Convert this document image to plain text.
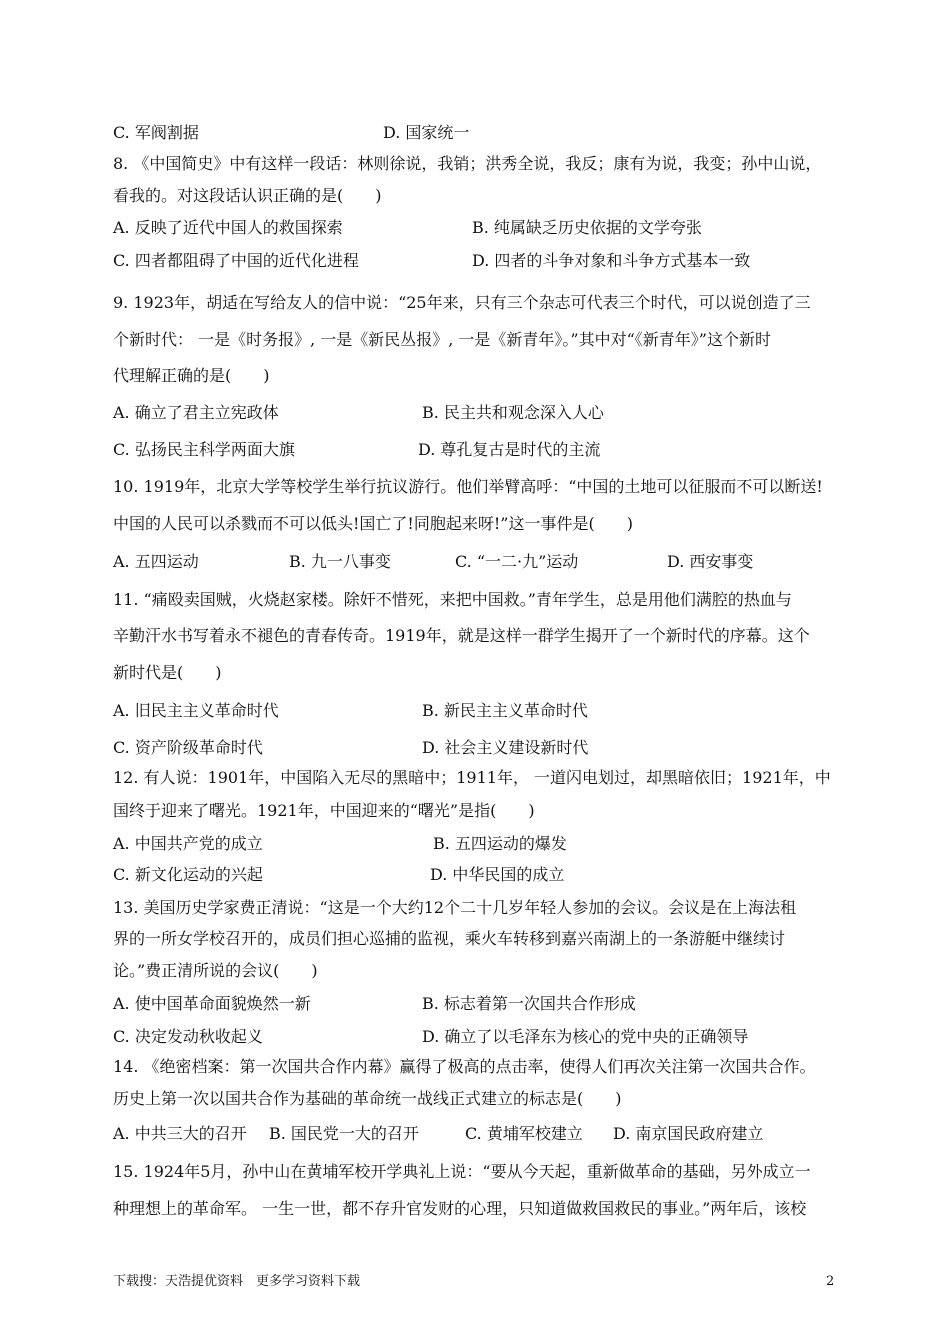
C. 军阀割据	D. 国家统一
8. 《中国简史》中有这样一段话：林则徐说，我销；洪秀全说，我反；康有为说，我变；孙中山说，
看我的。对这段话认识正确的是(　　)
A. 反映了近代中国人的救国探索	B. 纯属缺乏历史依据的文学夸张
C. 四者都阻碍了中国的近代化进程	D. 四者的斗争对象和斗争方式基本一致
9. 1923年，胡适在写给友人的信中说：“25年来，只有三个杂志可代表三个时代，可以说创造了三
个新时代： 一是《时务报》, 一是《新民丛报》, 一是《新青年》。”其中对“《新青年》”这个新时
代理解正确的是(　　)
A. 确立了君主立宪政体	B. 民主共和观念深入人心
C. 弘扬民主科学两面大旗	D. 尊孔复古是时代的主流
10. 1919年，北京大学等校学生举行抗议游行。他们举臂高呼：“中国的土地可以征服而不可以断送!
中国的人民可以杀戮而不可以低头!国亡了!同胞起来呀!”这一事件是(　　)
A. 五四运动	B. 九一八事变	C. “一二·九”运动	D. 西安事变
11. “痛殴卖国贼，火烧赵家楼。除奸不惜死，来把中国救。”青年学生，总是用他们满腔的热血与
辛勤汗水书写着永不褪色的青春传奇。1919年，就是这样一群学生揭开了一个新时代的序幕。这个
新时代是(　　)
A. 旧民主主义革命时代	B. 新民主主义革命时代
C. 资产阶级革命时代	D. 社会主义建设新时代
12. 有人说：1901年，中国陷入无尽的黑暗中；1911年， 一道闪电划过，却黑暗依旧；1921年，中
国终于迎来了曙光。1921年，中国迎来的“曙光”是指(　　)
A. 中国共产党的成立	B. 五四运动的爆发
C. 新文化运动的兴起	D. 中华民国的成立
13. 美国历史学家费正清说：“这是一个大约12个二十几岁年轻人参加的会议。会议是在上海法租
界的一所女学校召开的，成员们担心巡捕的监视，乘火车转移到嘉兴南湖上的一条游艇中继续讨
论。”费正清所说的会议(　　)
A. 使中国革命面貌焕然一新	B. 标志着第一次国共合作形成
C. 决定发动秋收起义	D. 确立了以毛泽东为核心的党中央的正确领导
14. 《绝密档案：第一次国共合作内幕》赢得了极高的点击率，使得人们再次关注第一次国共合作。
历史上第一次以国共合作为基础的革命统一战线正式建立的标志是(　　)
A. 中共三大的召开 B. 国民党一大的召开	C. 黄埔军校建立 D. 南京国民政府建立
15. 1924年5月，孙中山在黄埔军校开学典礼上说：“要从今天起，重新做革命的基础，另外成立一
种理想上的革命军。 一生一世，都不存升官发财的心理，只知道做救国救民的事业。”两年后，该校
下载搜：天浩提优资料　更多学习资料下载	2
